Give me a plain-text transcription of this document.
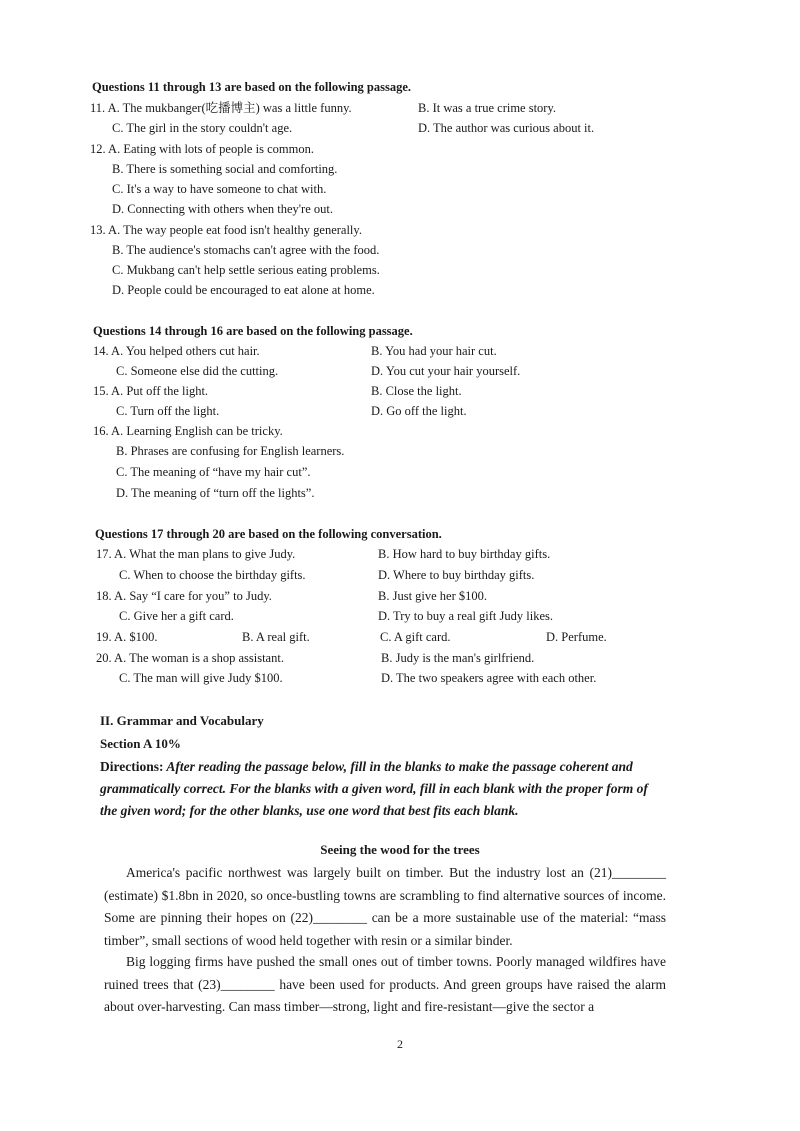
Questions 11 through 13 are based on the following passage.
11. A. The mukbanger(吃播博主) was a little funny.	B. It was a true crime story.
C. The girl in the story couldn't age.	D. The author was curious about it.
12. A. Eating with lots of people is common.
B. There is something social and comforting.
C. It's a way to have someone to chat with.
D. Connecting with others when they're out.
13. A. The way people eat food isn't healthy generally.
B. The audience's stomachs can't agree with the food.
C. Mukbang can't help settle serious eating problems.
D. People could be encouraged to eat alone at home.
Questions 14 through 16 are based on the following passage.
14. A. You helped others cut hair.	B. You had your hair cut.
C. Someone else did the cutting.	D. You cut your hair yourself.
15. A. Put off the light.	B. Close the light.
C. Turn off the light.	D. Go off the light.
16. A. Learning English can be tricky.
B. Phrases are confusing for English learners.
C. The meaning of “have my hair cut”.
D. The meaning of “turn off the lights”.
Questions 17 through 20 are based on the following conversation.
17. A. What the man plans to give Judy.	B. How hard to buy birthday gifts.
C. When to choose the birthday gifts.	D. Where to buy birthday gifts.
18. A. Say “I care for you” to Judy.	B. Just give her $100.
C. Give her a gift card.	D. Try to buy a real gift Judy likes.
19. A. $100.	B. A real gift.	C. A gift card.	D. Perfume.
20. A. The woman is a shop assistant.	B. Judy is the man's girlfriend.
C. The man will give Judy $100.	D. The two speakers agree with each other.
II. Grammar and Vocabulary
Section A 10%
Directions: After reading the passage below, fill in the blanks to make the passage coherent and grammatically correct. For the blanks with a given word, fill in each blank with the proper form of the given word; for the other blanks, use one word that best fits each blank.
Seeing the wood for the trees
America's pacific northwest was largely built on timber. But the industry lost an (21)________ (estimate) $1.8bn in 2020, so once-bustling towns are scrambling to find alternative sources of income. Some are pinning their hopes on (22)________ can be a more sustainable use of the material: “mass timber”, small sections of wood held together with resin or a similar binder.
Big logging firms have pushed the small ones out of timber towns. Poorly managed wildfires have ruined trees that (23)________ have been used for products. And green groups have raised the alarm about over-harvesting. Can mass timber—strong, light and fire-resistant—give the sector a
2
